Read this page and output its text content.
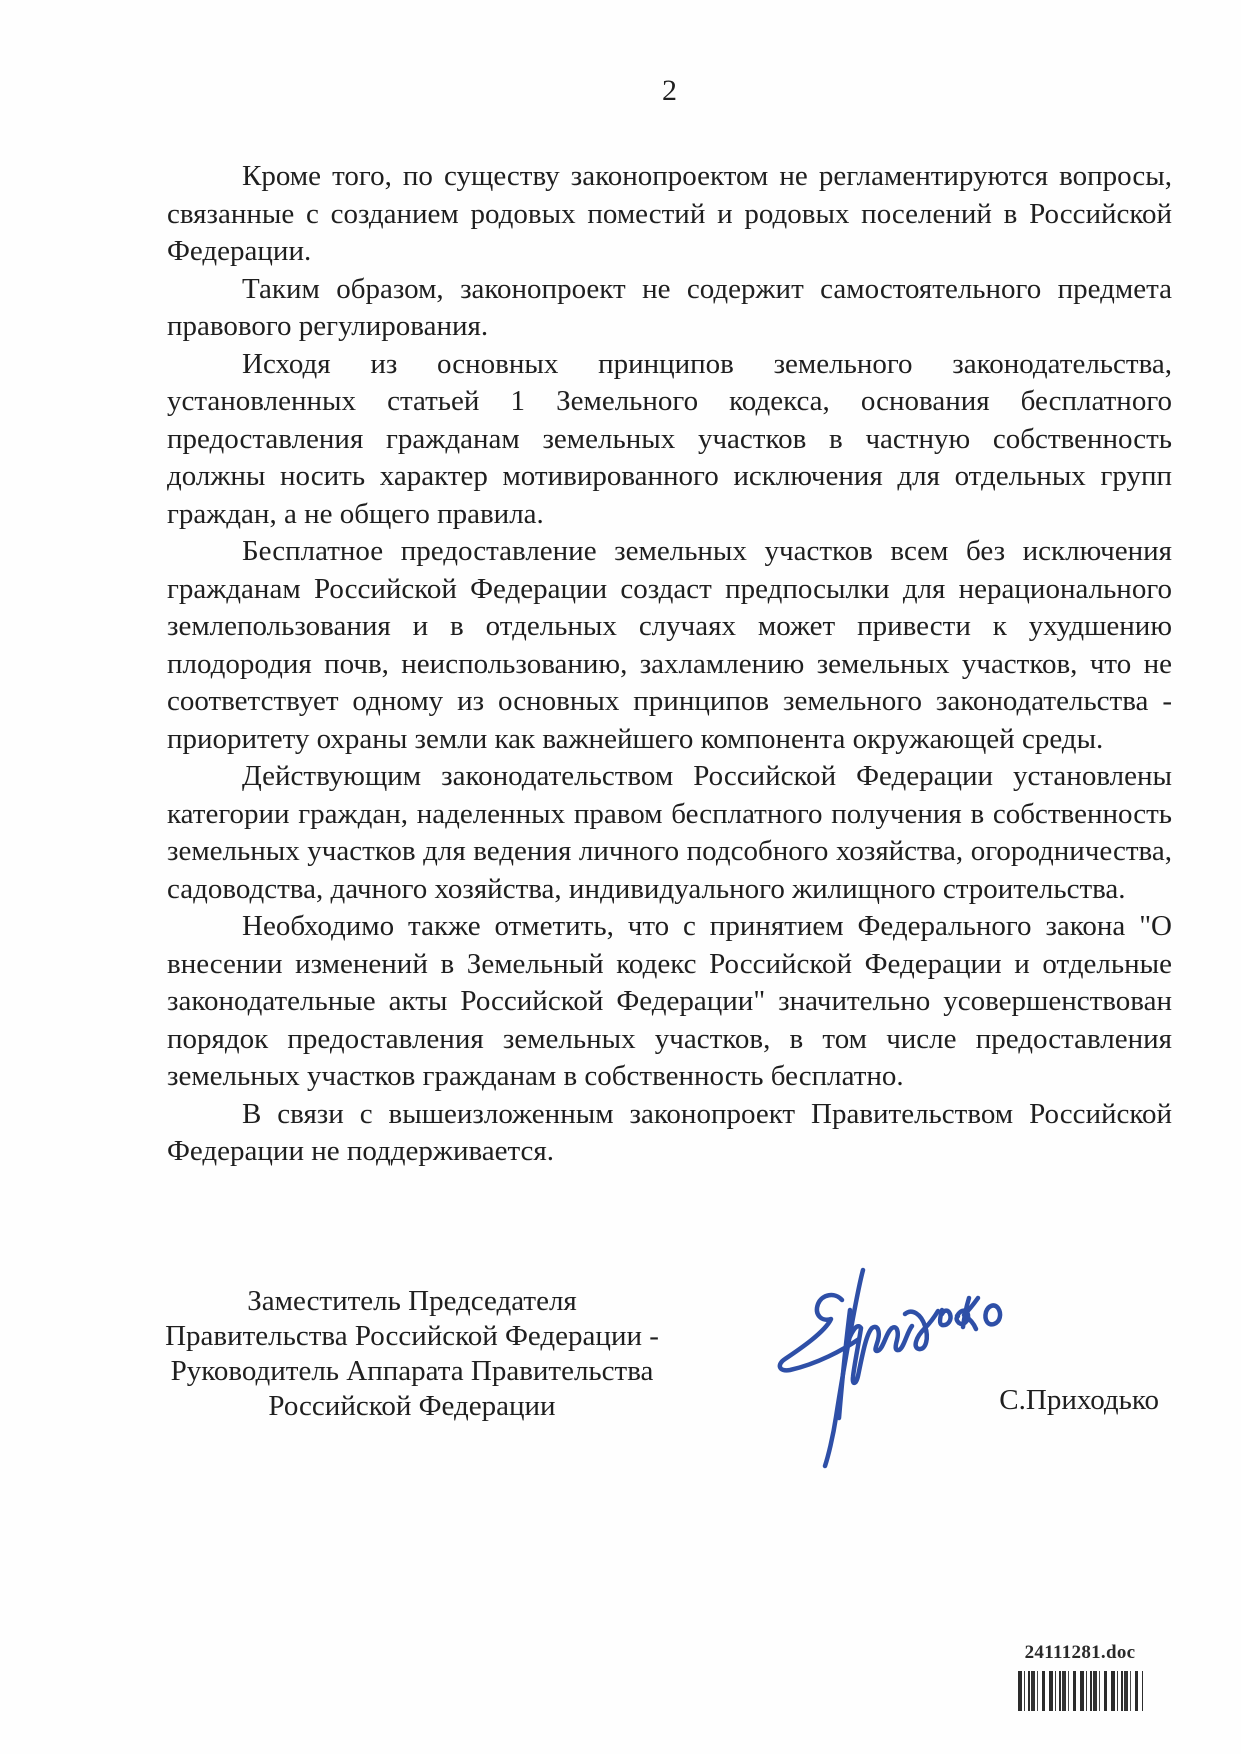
2

Кроме того, по существу законопроектом не регламентируются вопросы, связанные с созданием родовых поместий и родовых поселений в Российской Федерации.

Таким образом, законопроект не содержит самостоятельного предмета правового регулирования.

Исходя из основных принципов земельного законодательства, установленных статьей 1 Земельного кодекса, основания бесплатного предоставления гражданам земельных участков в частную собственность должны носить характер мотивированного исключения для отдельных групп граждан, а не общего правила.

Бесплатное предоставление земельных участков всем без исключения гражданам Российской Федерации создаст предпосылки для нерационального землепользования и в отдельных случаях может привести к ухудшению плодородия почв, неиспользованию, захламлению земельных участков, что не соответствует одному из основных принципов земельного законодательства - приоритету охраны земли как важнейшего компонента окружающей среды.

Действующим законодательством Российской Федерации установлены категории граждан, наделенных правом бесплатного получения в собственность земельных участков для ведения личного подсобного хозяйства, огородничества, садоводства, дачного хозяйства, индивидуального жилищного строительства.

Необходимо также отметить, что с принятием Федерального закона "О внесении изменений в Земельный кодекс Российской Федерации и отдельные законодательные акты Российской Федерации" значительно усовершенствован порядок предоставления земельных участков, в том числе предоставления земельных участков гражданам в собственность бесплатно.

В связи с вышеизложенным законопроект Правительством Российской Федерации не поддерживается.

Заместитель Председателя
Правительства Российской Федерации -
Руководитель Аппарата Правительства
Российской Федерации	С.Приходько
24111281.doc
